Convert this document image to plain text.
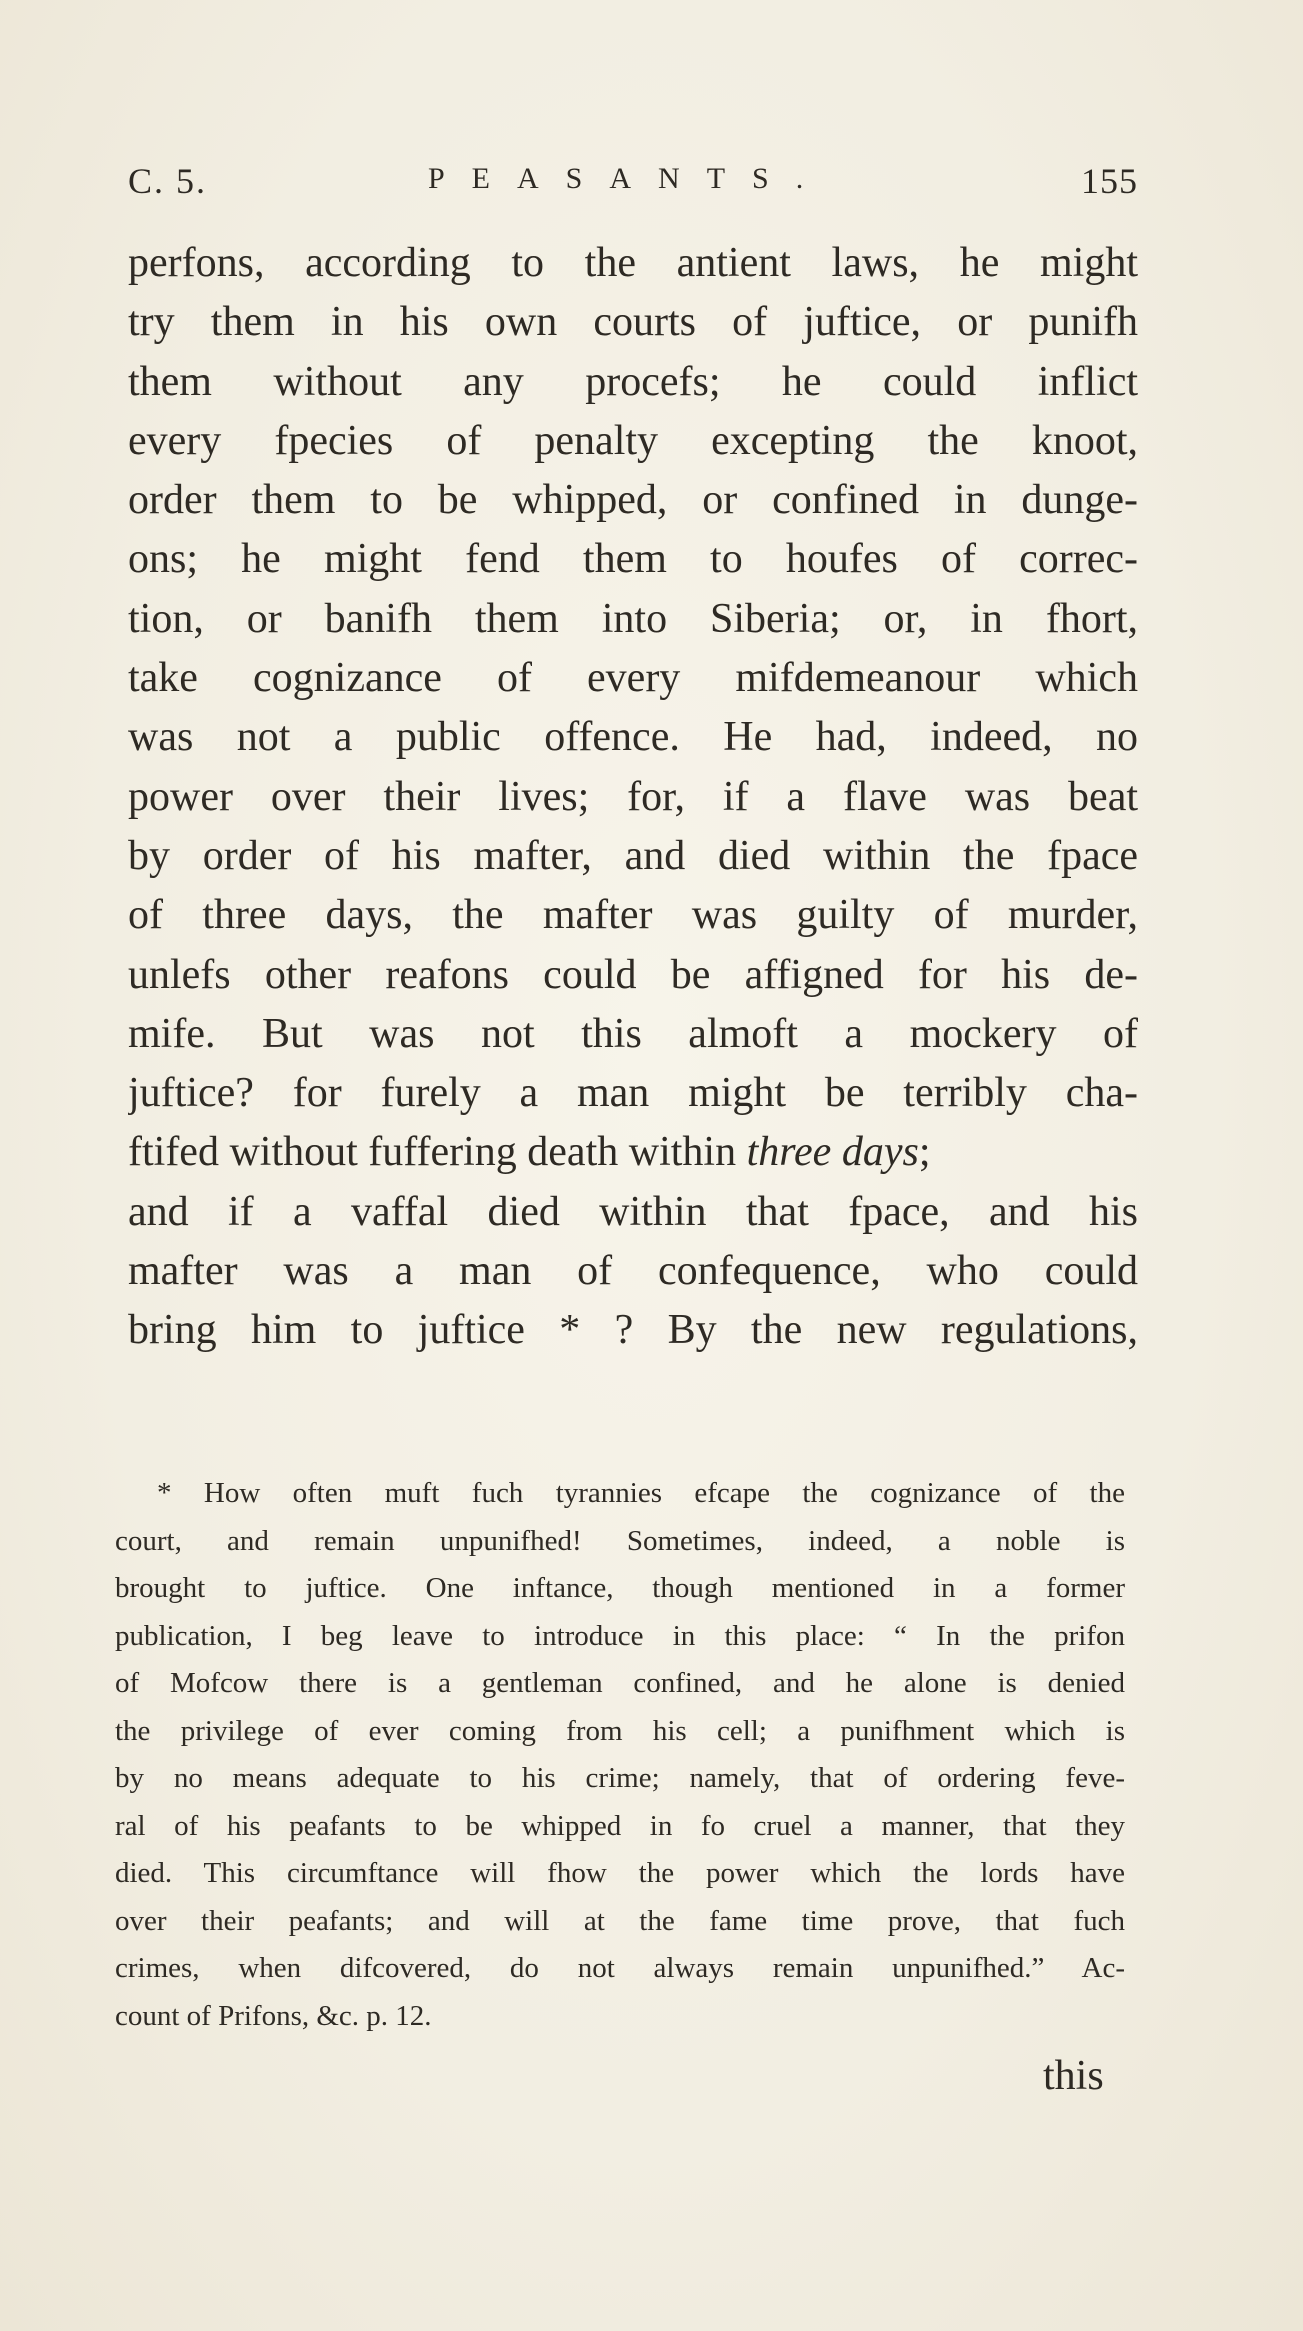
C. 5.	PEASANTS.	155
perfons, according to the antient laws, he might
try them in his own courts of juftice, or punifh
them without any procefs; he could inflict
every fpecies of penalty excepting the knoot,
order them to be whipped, or confined in dunge-
ons; he might fend them to houfes of correc-
tion, or banifh them into Siberia; or, in fhort,
take cognizance of every mifdemeanour which
was not a public offence. He had, indeed, no
power over their lives; for, if a flave was beat
by order of his mafter, and died within the fpace
of three days, the mafter was guilty of murder,
unlefs other reafons could be affigned for his de-
mife. But was not this almoft a mockery of
juftice? for furely a man might be terribly cha-
ftifed without fuffering death within three days;
and if a vaffal died within that fpace, and his
mafter was a man of confequence, who could
bring him to juftice * ? By the new regulations,
* How often muft fuch tyrannies efcape the cognizance of the
court, and remain unpunifhed! Sometimes, indeed, a noble is
brought to juftice. One inftance, though mentioned in a former
publication, I beg leave to introduce in this place: “ In the prifon
of Mofcow there is a gentleman confined, and he alone is denied
the privilege of ever coming from his cell; a punifhment which is
by no means adequate to his crime; namely, that of ordering feve-
ral of his peafants to be whipped in fo cruel a manner, that they
died. This circumftance will fhow the power which the lords have
over their peafants; and will at the fame time prove, that fuch
crimes, when difcovered, do not always remain unpunifhed.” Ac-
count of Prifons, &c. p. 12.
this
